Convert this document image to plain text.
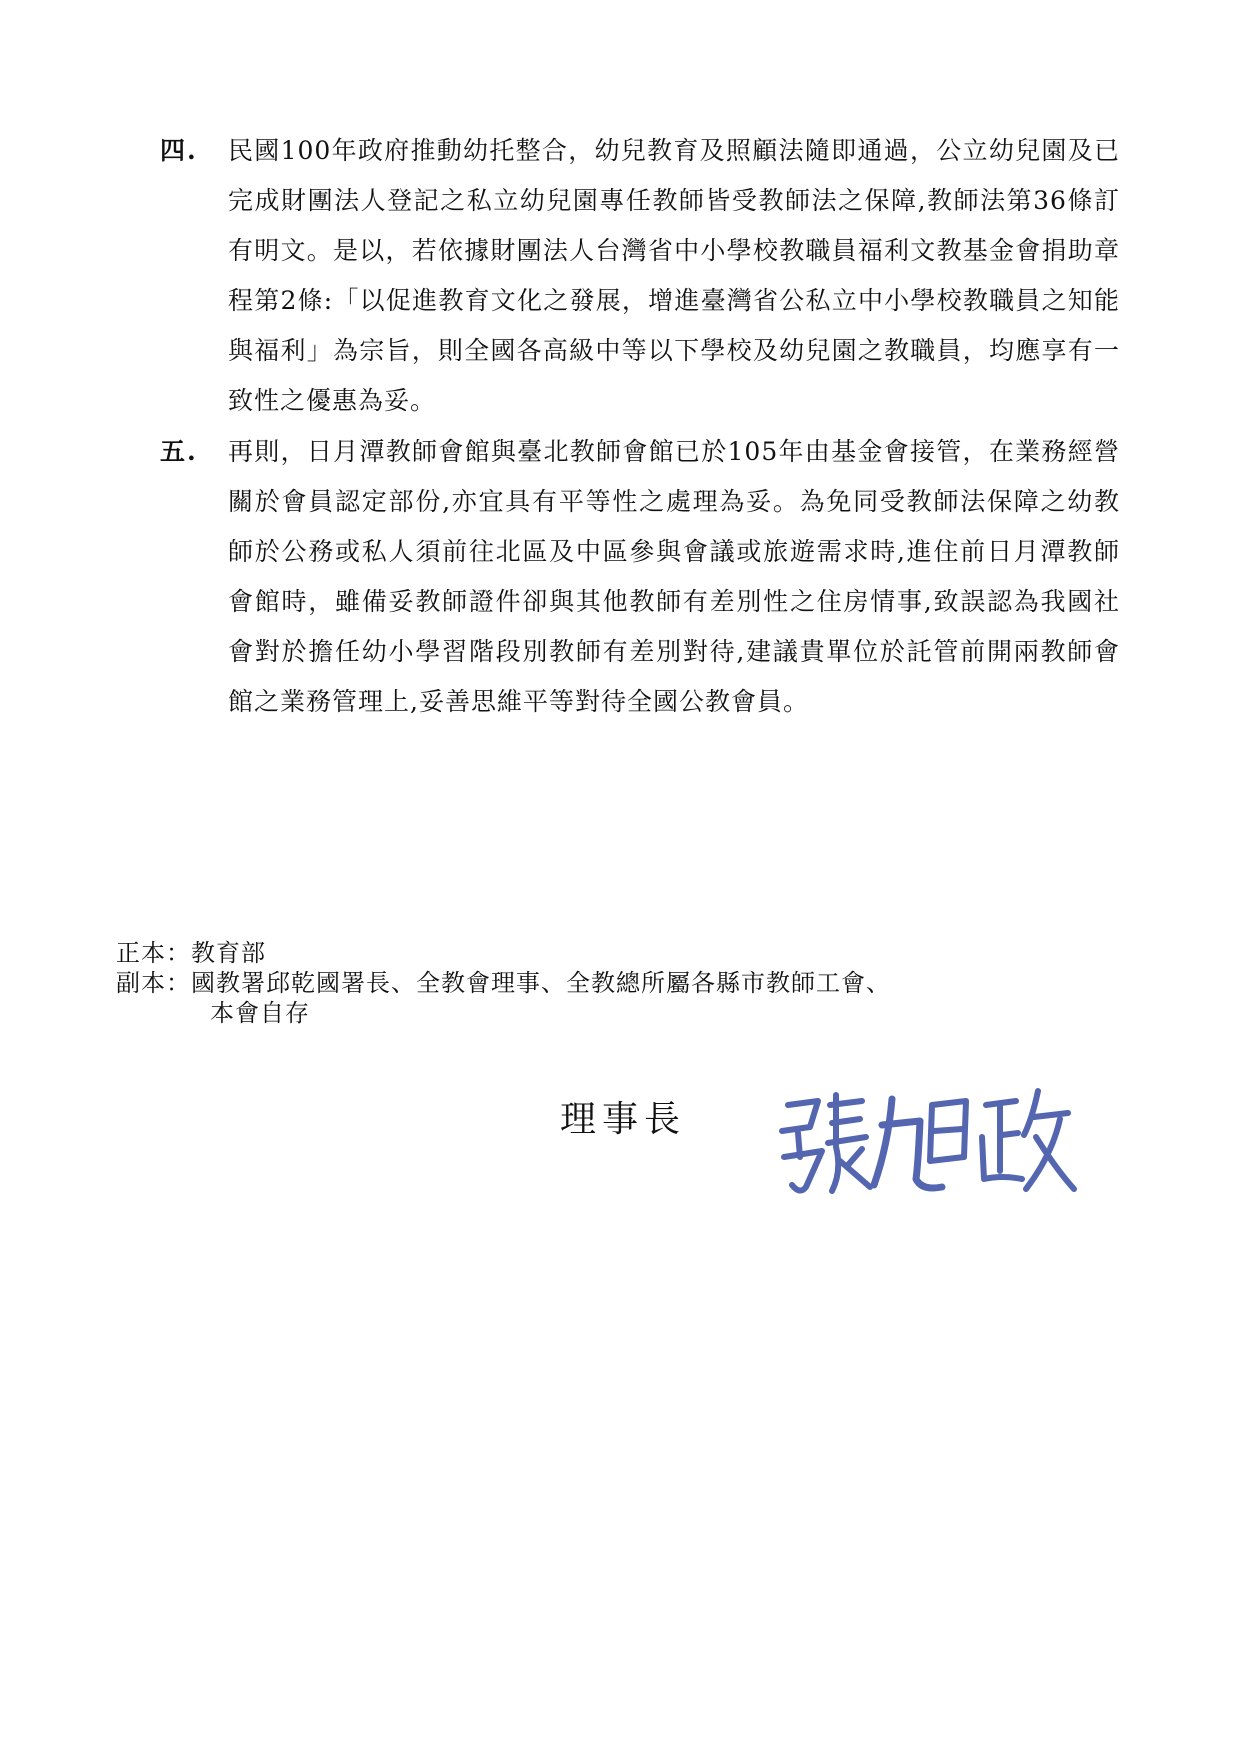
四. 民國100年政府推動幼托整合，幼兒教育及照顧法隨即通過，公立幼兒園及已完成財團法人登記之私立幼兒園專任教師皆受教師法之保障,教師法第36條訂有明文。是以，若依據財團法人台灣省中小學校教職員福利文教基金會捐助章程第2條:「以促進教育文化之發展，增進臺灣省公私立中小學校教職員之知能與福利」為宗旨，則全國各高級中等以下學校及幼兒園之教職員，均應享有一致性之優惠為妥。
五. 再則，日月潭教師會館與臺北教師會館已於105年由基金會接管，在業務經營關於會員認定部份,亦宜具有平等性之處理為妥。為免同受教師法保障之幼教師於公務或私人須前往北區及中區參與會議或旅遊需求時,進住前日月潭教師會館時，雖備妥教師證件卻與其他教師有差別性之住房情事,致誤認為我國社會對於擔任幼小學習階段別教師有差別對待,建議貴單位於託管前開兩教師會館之業務管理上,妥善思維平等對待全國公教會員。
正本： 教育部
副本： 國教署邱乾國署長、全教會理事、全教總所屬各縣市教師工會、
本會自存
理事長
